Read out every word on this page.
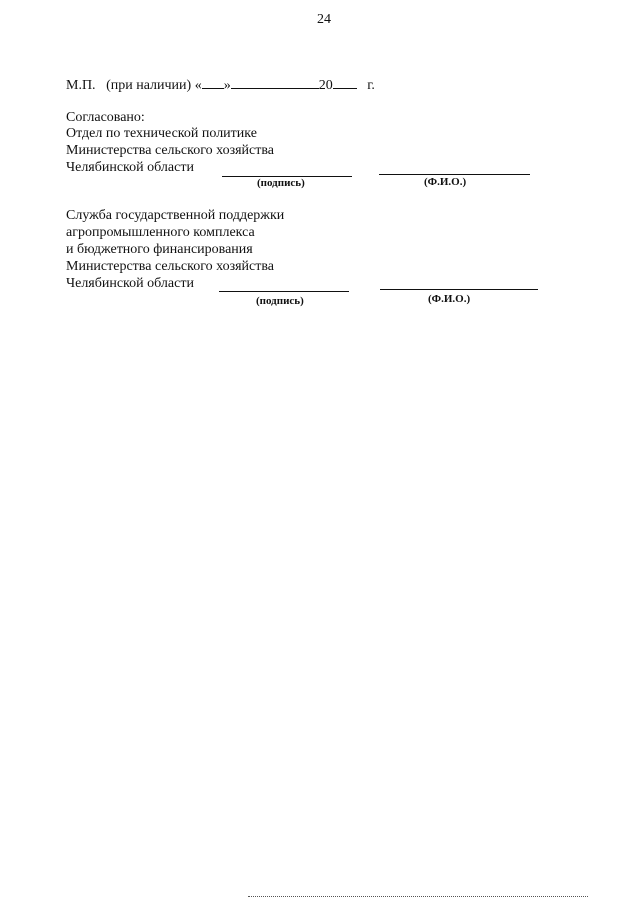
24
М.П. (при наличии) « »	20 г.
Согласовано:
Отдел по технической политике
Министерства сельского хозяйства
Челябинской области
(подпись)	(Ф.И.О.)
Служба государственной поддержки
агропромышленного комплекса
и бюджетного финансирования
Министерства сельского хозяйства
Челябинской области
(подпись)	(Ф.И.О.)
